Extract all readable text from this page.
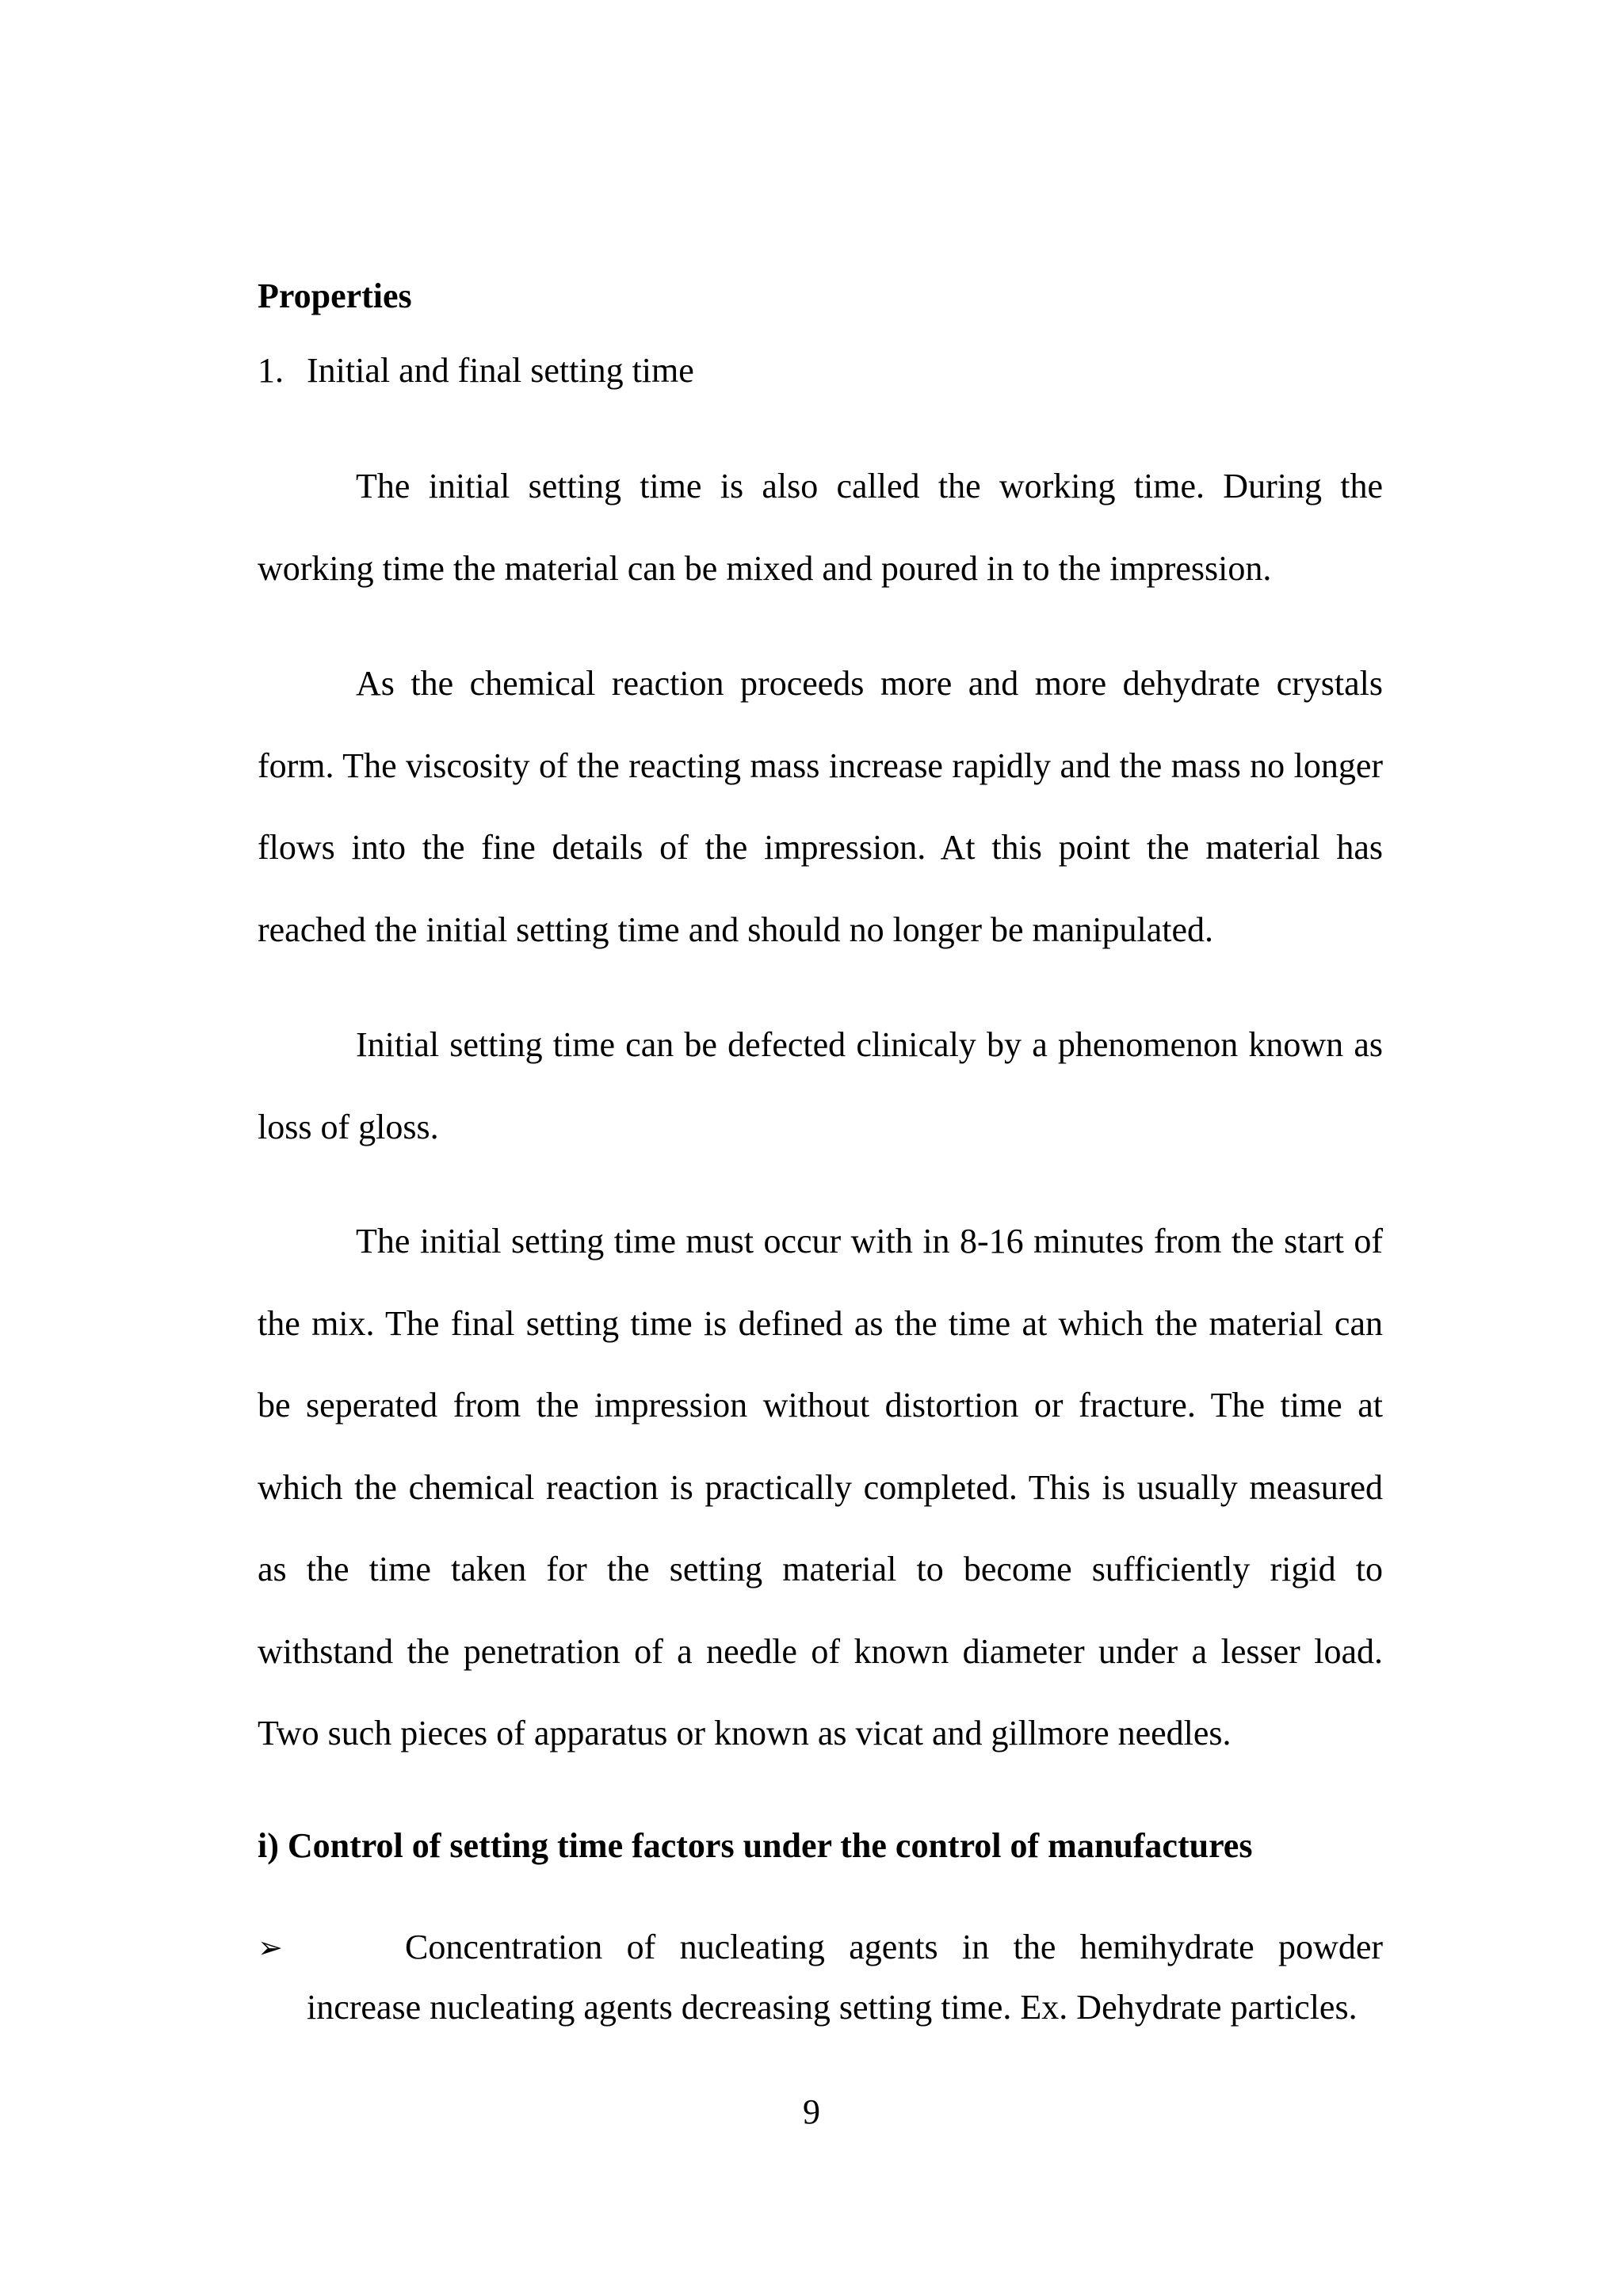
Properties

1. Initial and final setting time

The initial setting time is also called the working time. During the working time the material can be mixed and poured in to the impression.

As the chemical reaction proceeds more and more dehydrate crystals form. The viscosity of the reacting mass increase rapidly and the mass no longer flows into the fine details of the impression. At this point the material has reached the initial setting time and should no longer be manipulated.

Initial setting time can be defected clinicaly by a phenomenon known as loss of gloss.

The initial setting time must occur with in 8-16 minutes from the start of the mix. The final setting time is defined as the time at which the material can be seperated from the impression without distortion or fracture. The time at which the chemical reaction is practically completed. This is usually measured as the time taken for the setting material to become sufficiently rigid to withstand the penetration of a needle of known diameter under a lesser load. Two such pieces of apparatus or known as vicat and gillmore needles.

i) Control of setting time factors under the control of manufactures
➢	Concentration of nucleating agents in the hemihydrate powder
increase nucleating agents decreasing setting time. Ex. Dehydrate particles.

9
